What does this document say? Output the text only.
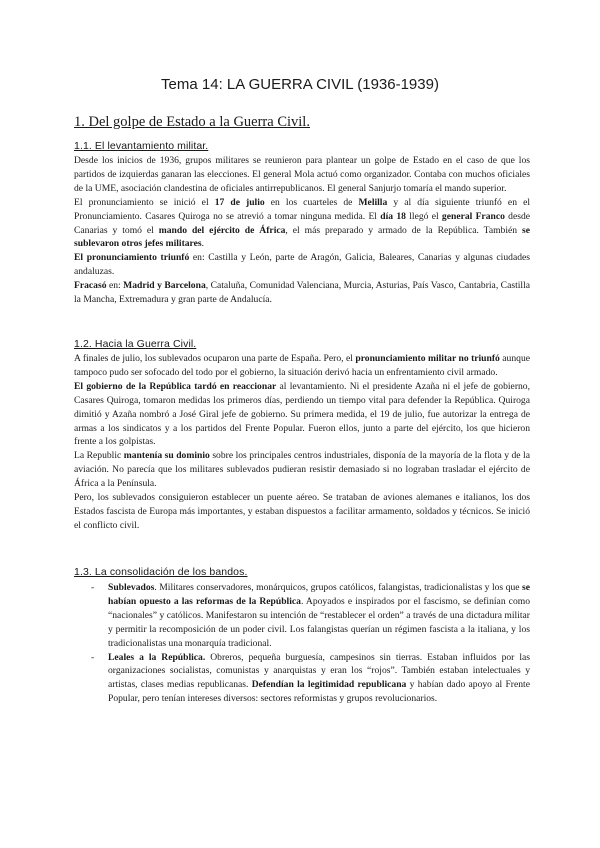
Tema 14: LA GUERRA CIVIL (1936-1939)
1. Del golpe de Estado a la Guerra Civil.
1.1. El levantamiento militar.

Desde los inicios de 1936, grupos militares se reunieron para plantear un golpe de Estado en el caso de que los partidos de izquierdas ganaran las elecciones. El general Mola actuó como organizador. Contaba con muchos oficiales de la UME, asociación clandestina de oficiales antirrepublicanos. El general Sanjurjo tomaría el mando superior.

El pronunciamiento se inició el 17 de julio en los cuarteles de Melilla y al día siguiente triunfó en el Pronunciamiento. Casares Quiroga no se atrevió a tomar ninguna medida. El día 18 llegó el general Franco desde Canarias y tomó el mando del ejército de África, el más preparado y armado de la República. También se sublevaron otros jefes militares.

El pronunciamiento triunfó en: Castilla y León, parte de Aragón, Galicia, Baleares, Canarias y algunas ciudades andaluzas.

Fracasó en: Madrid y Barcelona, Cataluña, Comunidad Valenciana, Murcia, Asturias, País Vasco, Cantabria, Castilla la Mancha, Extremadura y gran parte de Andalucía.

1.2. Hacia la Guerra Civil.

A finales de julio, los sublevados ocuparon una parte de España. Pero, el pronunciamiento militar no triunfó aunque tampoco pudo ser sofocado del todo por el gobierno, la situación derivó hacia un enfrentamiento civil armado.

El gobierno de la República tardó en reaccionar al levantamiento. Ni el presidente Azaña ni el jefe de gobierno, Casares Quiroga, tomaron medidas los primeros días, perdiendo un tiempo vital para defender la República. Quiroga dimitió y Azaña nombró a José Giral jefe de gobierno. Su primera medida, el 19 de julio, fue autorizar la entrega de armas a los sindicatos y a los partidos del Frente Popular. Fueron ellos, junto a parte del ejército, los que hicieron frente a los golpistas.

La Republic mantenía su dominio sobre los principales centros industriales, disponía de la mayoría de la flota y de la aviación. No parecía que los militares sublevados pudieran resistir demasiado si no lograban trasladar el ejército de África a la Península.

Pero, los sublevados consiguieron establecer un puente aéreo. Se trataban de aviones alemanes e italianos, los dos Estados fascista de Europa más importantes, y estaban dispuestos a facilitar armamento, soldados y técnicos. Se inició el conflicto civil.

1.3. La consolidación de los bandos.
- Sublevados. Militares conservadores, monárquicos, grupos católicos, falangistas, tradicionalistas y los que se habían opuesto a las reformas de la República. Apoyados e inspirados por el fascismo, se definían como “nacionales” y católicos. Manifestaron su intención de “restablecer el orden” a través de una dictadura militar y permitir la recomposición de un poder civil. Los falangistas querían un régimen fascista a la italiana, y los tradicionalistas una monarquía tradicional.
- Leales a la República. Obreros, pequeña burguesía, campesinos sin tierras. Estaban influidos por las organizaciones socialistas, comunistas y anarquistas y eran los “rojos”. También estaban intelectuales y artistas, clases medias republicanas. Defendían la legitimidad republicana y habían dado apoyo al Frente Popular, pero tenían intereses diversos: sectores reformistas y grupos revolucionarios.
